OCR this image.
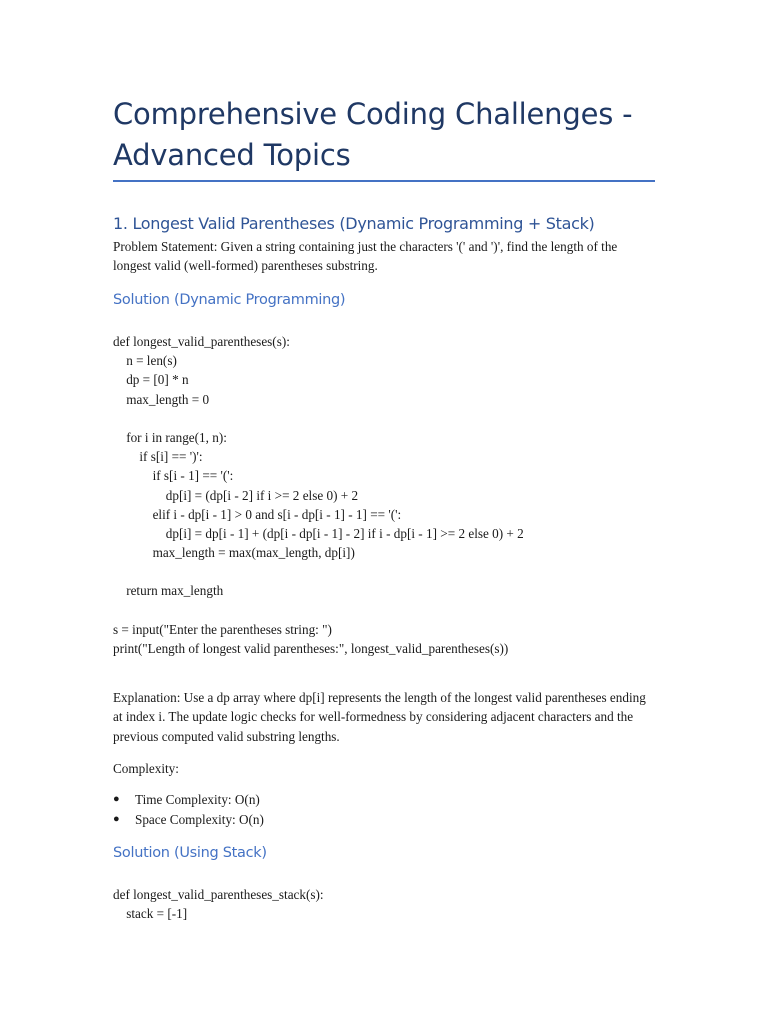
Comprehensive Coding Challenges - Advanced Topics
1. Longest Valid Parentheses (Dynamic Programming + Stack)
Problem Statement: Given a string containing just the characters '(' and ')', find the length of the longest valid (well-formed) parentheses substring.
Solution (Dynamic Programming)
def longest_valid_parentheses(s):
n = len(s)
dp = [0] * n
max_length = 0
for i in range(1, n):
if s[i] == ')':
if s[i - 1] == '(':
dp[i] = (dp[i - 2] if i >= 2 else 0) + 2
elif i - dp[i - 1] > 0 and s[i - dp[i - 1] - 1] == '(':
dp[i] = dp[i - 1] + (dp[i - dp[i - 1] - 2] if i - dp[i - 1] >= 2 else 0) + 2
max_length = max(max_length, dp[i])
return max_length
s = input("Enter the parentheses string: ")
print("Length of longest valid parentheses:", longest_valid_parentheses(s))
Explanation: Use a dp array where dp[i] represents the length of the longest valid parentheses ending at index i. The update logic checks for well-formedness by considering adjacent characters and the previous computed valid substring lengths.
Complexity:
● Time Complexity: O(n)
● Space Complexity: O(n)
Solution (Using Stack)
def longest_valid_parentheses_stack(s):
stack = [-1]
